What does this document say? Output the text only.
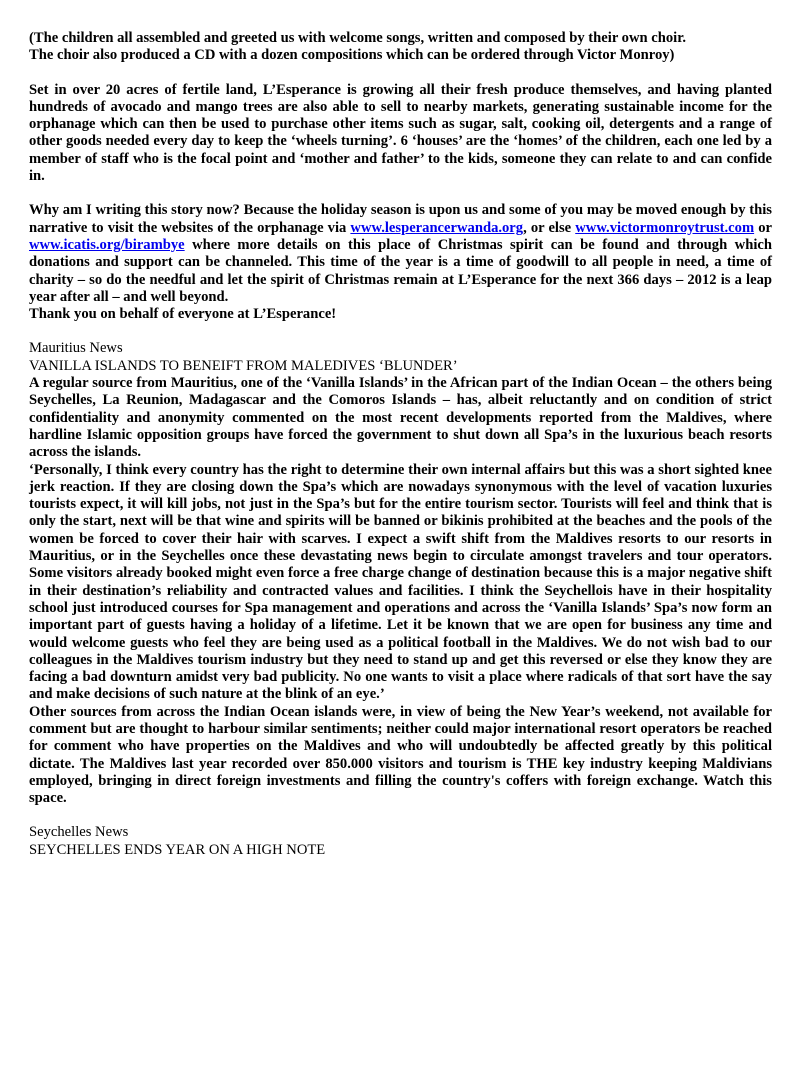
(The children all assembled and greeted us with welcome songs, written and composed by their own choir.
The choir also produced a CD with a dozen compositions which can be ordered through Victor Monroy)

Set in over 20 acres of fertile land, L’Esperance is growing all their fresh produce themselves, and having planted hundreds of avocado and mango trees are also able to sell to nearby markets, generating sustainable income for the orphanage which can then be used to purchase other items such as sugar, salt, cooking oil, detergents and a range of other goods needed every day to keep the ‘wheels turning’. 6 ‘houses’ are the ‘homes’ of the children, each one led by a member of staff who is the focal point and ‘mother and father’ to the kids, someone they can relate to and can confide in.

Why am I writing this story now? Because the holiday season is upon us and some of you may be moved enough by this narrative to visit the websites of the orphanage via www.lesperancerwanda.org, or else www.victormonroytrust.com or www.icatis.org/birambye where more details on this place of Christmas spirit can be found and through which donations and support can be channeled. This time of the year is a time of goodwill to all people in need, a time of charity – so do the needful and let the spirit of Christmas remain at L’Esperance for the next 366 days – 2012 is a leap year after all – and well beyond.

Thank you on behalf of everyone at L’Esperance!

Mauritius News

VANILLA ISLANDS TO BENEIFT FROM MALEDIVES ‘BLUNDER’

A regular source from Mauritius, one of the ‘Vanilla Islands’ in the African part of the Indian Ocean – the others being Seychelles, La Reunion, Madagascar and the Comoros Islands – has, albeit reluctantly and on condition of strict confidentiality and anonymity commented on the most recent developments reported from the Maldives, where hardline Islamic opposition groups have forced the government to shut down all Spa’s in the luxurious beach resorts across the islands.

‘Personally, I think every country has the right to determine their own internal affairs but this was a short sighted knee jerk reaction. If they are closing down the Spa’s which are nowadays synonymous with the level of vacation luxuries tourists expect, it will kill jobs, not just in the Spa’s but for the entire tourism sector. Tourists will feel and think that is only the start, next will be that wine and spirits will be banned or bikinis prohibited at the beaches and the pools of the women be forced to cover their hair with scarves. I expect a swift shift from the Maldives resorts to our resorts in Mauritius, or in the Seychelles once these devastating news begin to circulate amongst travelers and tour operators. Some visitors already booked might even force a free charge change of destination because this is a major negative shift in their destination’s reliability and contracted values and facilities. I think the Seychellois have in their hospitality school just introduced courses for Spa management and operations and across the ‘Vanilla Islands’ Spa’s now form an important part of guests having a holiday of a lifetime. Let it be known that we are open for business any time and would welcome guests who feel they are being used as a political football in the Maldives. We do not wish bad to our colleagues in the Maldives tourism industry but they need to stand up and get this reversed or else they know they are facing a bad downturn amidst very bad publicity. No one wants to visit a place where radicals of that sort have the say and make decisions of such nature at the blink of an eye.’

Other sources from across the Indian Ocean islands were, in view of being the New Year’s weekend, not available for comment but are thought to harbour similar sentiments; neither could major international resort operators be reached for comment who have properties on the Maldives and who will undoubtedly be affected greatly by this political dictate. The Maldives last year recorded over 850.000 visitors and tourism is THE key industry keeping Maldivians employed, bringing in direct foreign investments and filling the country's coffers with foreign exchange. Watch this space.

Seychelles News

SEYCHELLES ENDS YEAR ON A HIGH NOTE
